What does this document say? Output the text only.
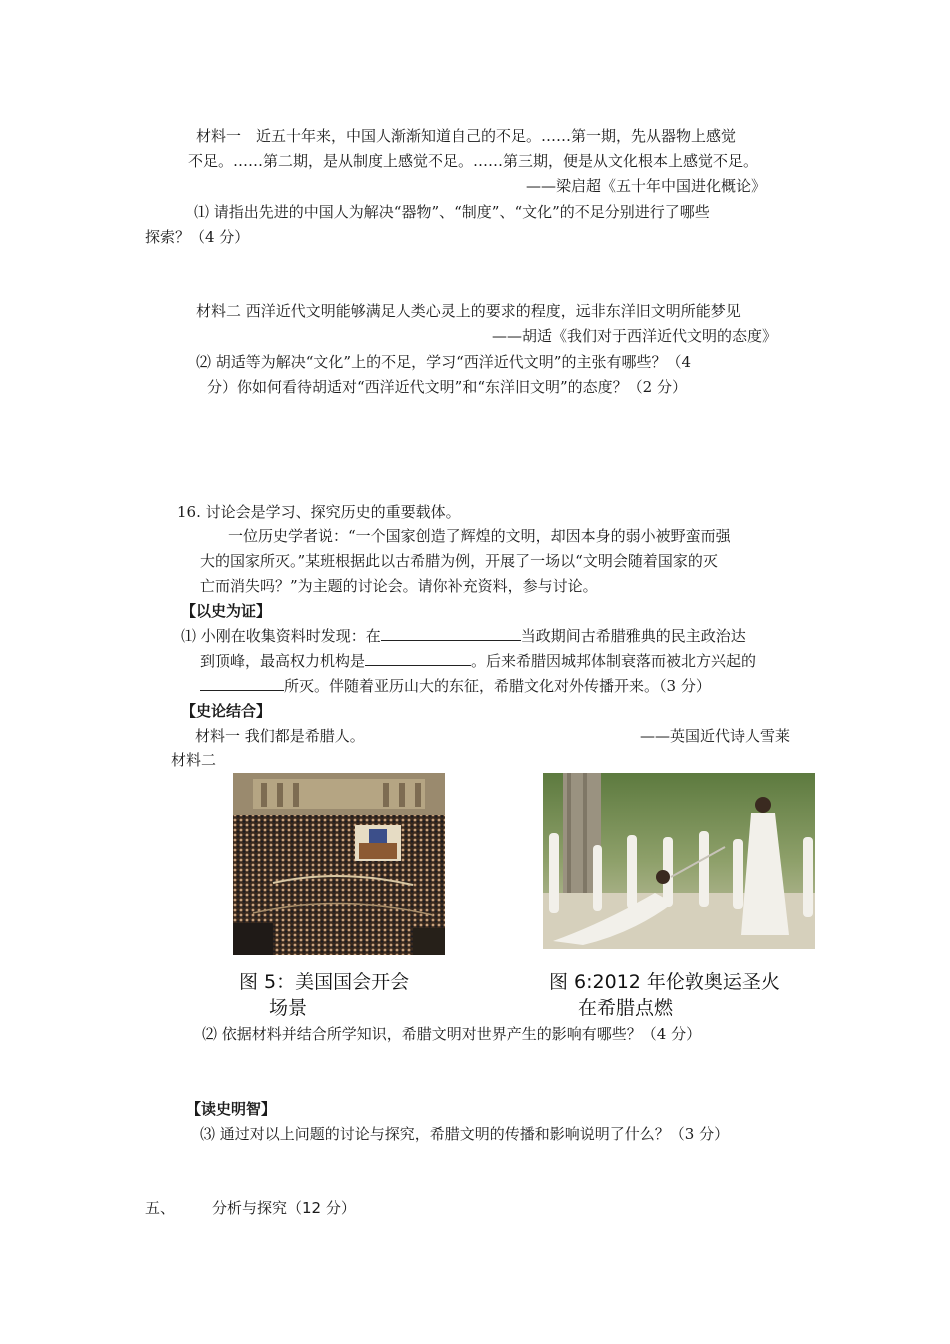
材料一　近五十年来，中国人渐渐知道自己的不足。……第一期，先从器物上感觉
不足。……第二期，是从制度上感觉不足。……第三期，便是从文化根本上感觉不足。
——梁启超《五十年中国进化概论》
⑴ 请指出先进的中国人为解决“器物”、“制度”、“文化”的不足分别进行了哪些
探索？（4 分）
材料二 西洋近代文明能够满足人类心灵上的要求的程度，远非东洋旧文明所能梦见
——胡适《我们对于西洋近代文明的态度》
⑵ 胡适等为解决“文化”上的不足，学习“西洋近代文明”的主张有哪些？（4
分）你如何看待胡适对“西洋近代文明”和“东洋旧文明”的态度？（2 分）
16. 讨论会是学习、探究历史的重要载体。
一位历史学者说：“一个国家创造了辉煌的文明，却因本身的弱小被野蛮而强
大的国家所灭。”某班根据此以古希腊为例，开展了一场以“文明会随着国家的灭
亡而消失吗？”为主题的讨论会。请你补充资料，参与讨论。
【以史为证】
⑴ 小刚在收集资料时发现：在	当政期间古希腊雅典的民主政治达
到顶峰，最高权力机构是	。后来希腊因城邦体制衰落而被北方兴起的
所灭。伴随着亚历山大的东征，希腊文化对外传播开来。（3 分）
【史论结合】
材料一 我们都是希腊人。	——英国近代诗人雪莱
材料二
图 5：美国国会开会
场景
图 6:2012 年伦敦奥运圣火
在希腊点燃
⑵ 依据材料并结合所学知识，希腊文明对世界产生的影响有哪些？（4 分）
【读史明智】
⑶ 通过对以上问题的讨论与探究，希腊文明的传播和影响说明了什么？（3 分）
五、 分析与探究（12 分）
